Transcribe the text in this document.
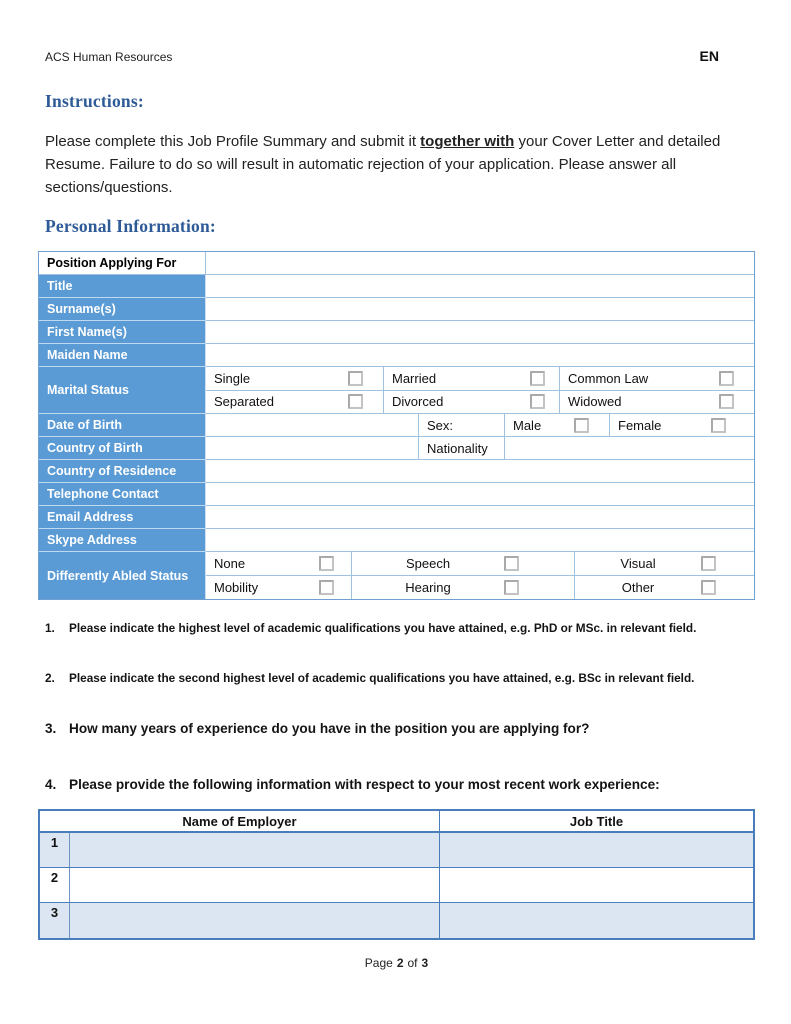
ACS Human Resources	EN
Instructions:
Please complete this Job Profile Summary and submit it together with your Cover Letter and detailed Resume. Failure to do so will result in automatic rejection of your application. Please answer all sections/questions.
Personal Information:
Position Applying For
Title
Surname(s)
First Name(s)
Maiden Name
Marital Status
Single	Married	Common Law
Separated	Divorced	Widowed
Date of Birth	Sex:	Male	Female
Country of Birth	Nationality
Country of Residence
Telephone Contact
Email Address
Skype Address
Differently Abled Status
None	Speech	Visual
Mobility	Hearing	Other
1.	Please indicate the highest level of academic qualifications you have attained, e.g. PhD or MSc. in relevant field.
2.	Please indicate the second highest level of academic qualifications you have attained, e.g. BSc in relevant field.
3. How many years of experience do you have in the position you are applying for?
4. Please provide the following information with respect to your most recent work experience:
Name of Employer	Job Title
1
2
3
Page 2 of 3
